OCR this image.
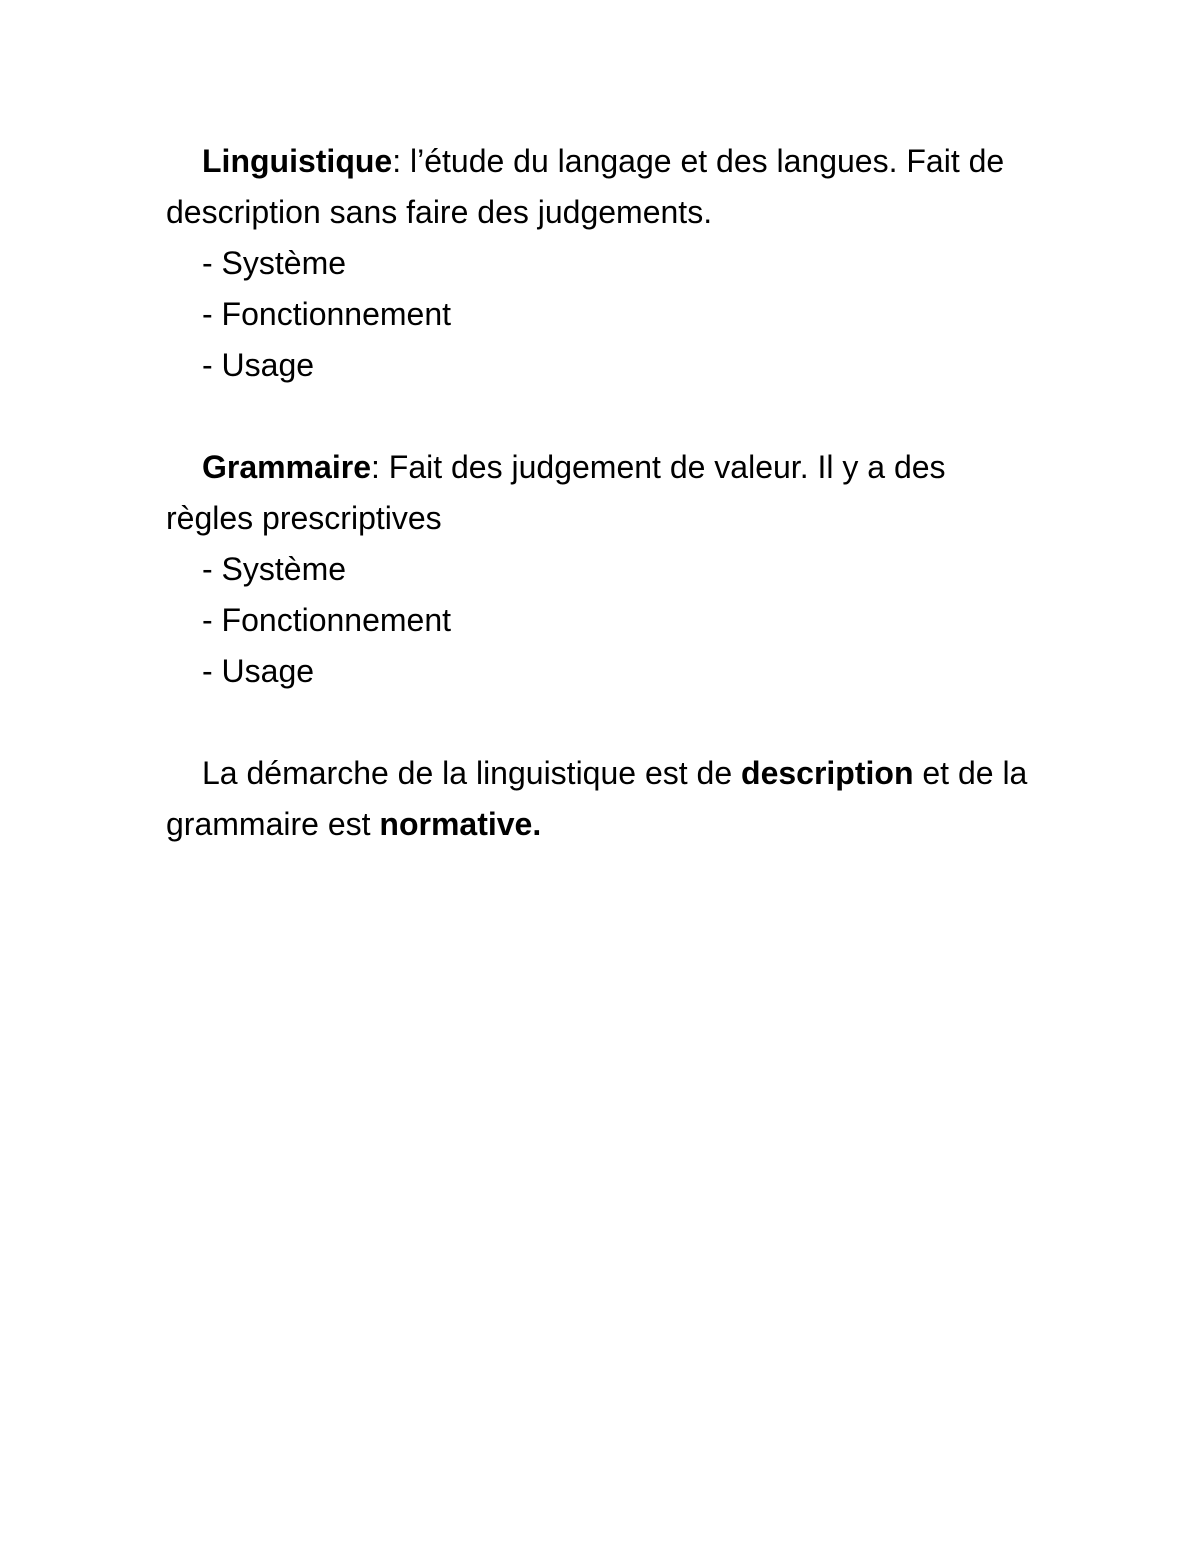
Linguistique: l’étude du langage et des langues. Fait de description sans faire des judgements.

- Système
- Fonctionnement
- Usage

Grammaire: Fait des judgement de valeur. Il y a des règles prescriptives

- Système
- Fonctionnement
- Usage

La démarche de la linguistique est de description et de la grammaire est normative.
